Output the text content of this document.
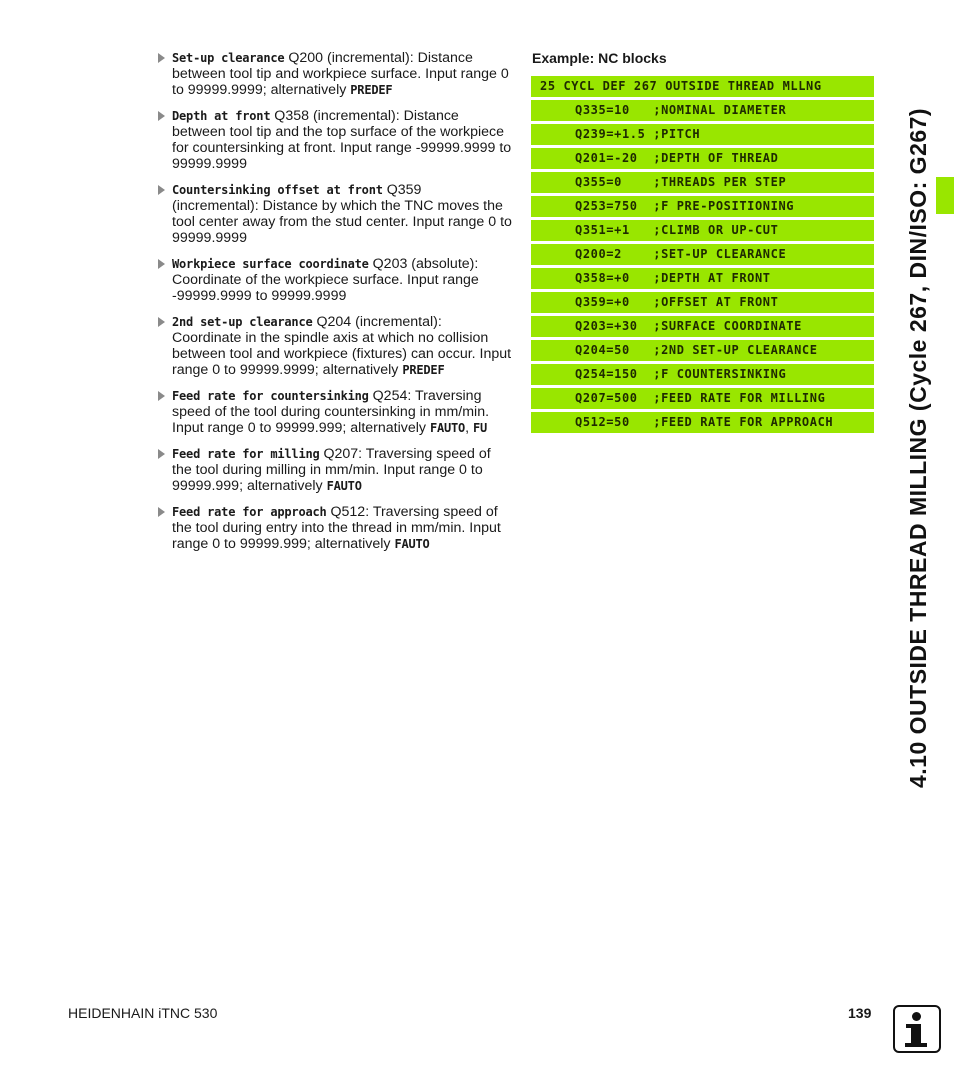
Set-up clearance Q200 (incremental): Distance between tool tip and workpiece surface. Input range 0 to 99999.9999; alternatively PREDEF
Depth at front Q358 (incremental): Distance between tool tip and the top surface of the workpiece for countersinking at front. Input range -99999.9999 to 99999.9999
Countersinking offset at front Q359 (incremental): Distance by which the TNC moves the tool center away from the stud center. Input range 0 to 99999.9999
Workpiece surface coordinate Q203 (absolute): Coordinate of the workpiece surface. Input range -99999.9999 to 99999.9999
2nd set-up clearance Q204 (incremental): Coordinate in the spindle axis at which no collision between tool and workpiece (fixtures) can occur. Input range 0 to 99999.9999; alternatively PREDEF
Feed rate for countersinking Q254: Traversing speed of the tool during countersinking in mm/min. Input range 0 to 99999.999; alternatively FAUTO, FU
Feed rate for milling Q207: Traversing speed of the tool during milling in mm/min. Input range 0 to 99999.999; alternatively FAUTO
Feed rate for approach Q512: Traversing speed of the tool during entry into the thread in mm/min. Input range 0 to 99999.999; alternatively FAUTO
Example: NC blocks
25 CYCL DEF 267 OUTSIDE THREAD MLLNG
Q335=10   ;NOMINAL DIAMETER
Q239=+1.5 ;PITCH
Q201=-20  ;DEPTH OF THREAD
Q355=0    ;THREADS PER STEP
Q253=750  ;F PRE-POSITIONING
Q351=+1   ;CLIMB OR UP-CUT
Q200=2    ;SET-UP CLEARANCE
Q358=+0   ;DEPTH AT FRONT
Q359=+0   ;OFFSET AT FRONT
Q203=+30  ;SURFACE COORDINATE
Q204=50   ;2ND SET-UP CLEARANCE
Q254=150  ;F COUNTERSINKING
Q207=500  ;FEED RATE FOR MILLING
Q512=50   ;FEED RATE FOR APPROACH	4.10 OUTSIDE THREAD MILLING (Cycle 267, DIN/ISO: G267)
HEIDENHAIN iTNC 530	139
